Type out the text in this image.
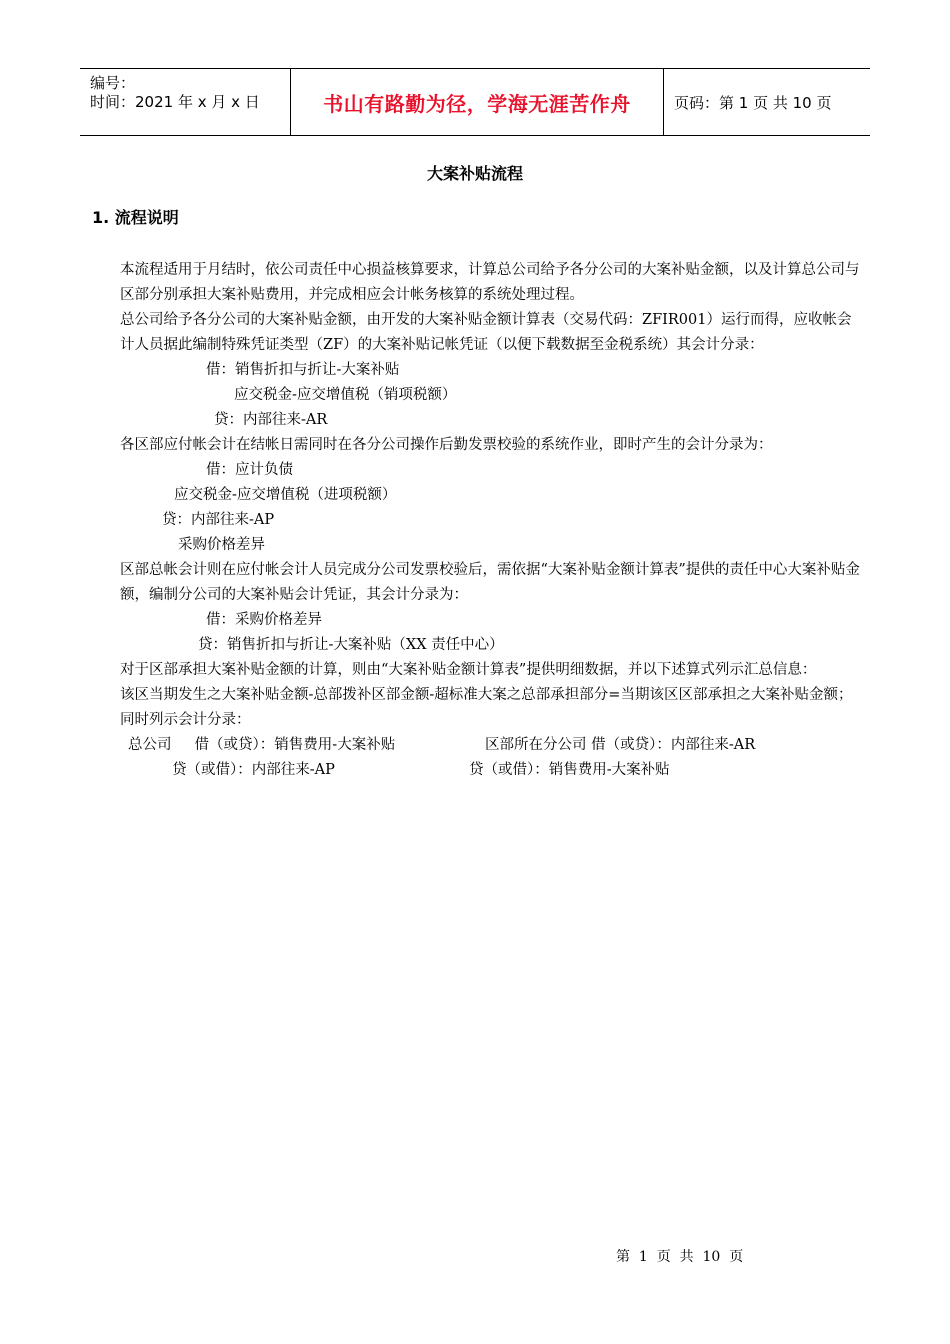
编号：
时间：2021 年 x 月 x 日	书山有路勤为径，学海无涯苦作舟	页码：第 1 页 共 10 页
大案补贴流程
1. 流程说明

本流程适用于月结时，依公司责任中心损益核算要求，计算总公司给予各分公司的大案补贴金额，以及计算总公司与区部分别承担大案补贴费用，并完成相应会计帐务核算的系统处理过程。

总公司给予各分公司的大案补贴金额，由开发的大案补贴金额计算表（交易代码：ZFIR001）运行而得，应收帐会计人员据此编制特殊凭证类型（ZF）的大案补贴记帐凭证（以便下载数据至金税系统）其会计分录：

借：销售折扣与折让-大案补贴

应交税金-应交增值税（销项税额）

贷：内部往来-AR

各区部应付帐会计在结帐日需同时在各分公司操作后勤发票校验的系统作业，即时产生的会计分录为：

借：应计负债

应交税金-应交增值税（进项税额）

贷：内部往来-AP

采购价格差异

区部总帐会计则在应付帐会计人员完成分公司发票校验后，需依据“大案补贴金额计算表”提供的责任中心大案补贴金额，编制分公司的大案补贴会计凭证，其会计分录为：

借：采购价格差异

贷：销售折扣与折让-大案补贴（XX 责任中心）

对于区部承担大案补贴金额的计算，则由“大案补贴金额计算表”提供明细数据，并以下述算式列示汇总信息：

该区当期发生之大案补贴金额-总部拨补区部金额-超标准大案之总部承担部分=当期该区区部承担之大案补贴金额；

同时列示会计分录：

总公司     借（或贷）：销售费用-大案补贴	区部所在分公司 借（或贷）：内部往来-AR
贷（或借）：内部往来-AP	贷（或借）：销售费用-大案补贴
第  1  页  共  10  页
